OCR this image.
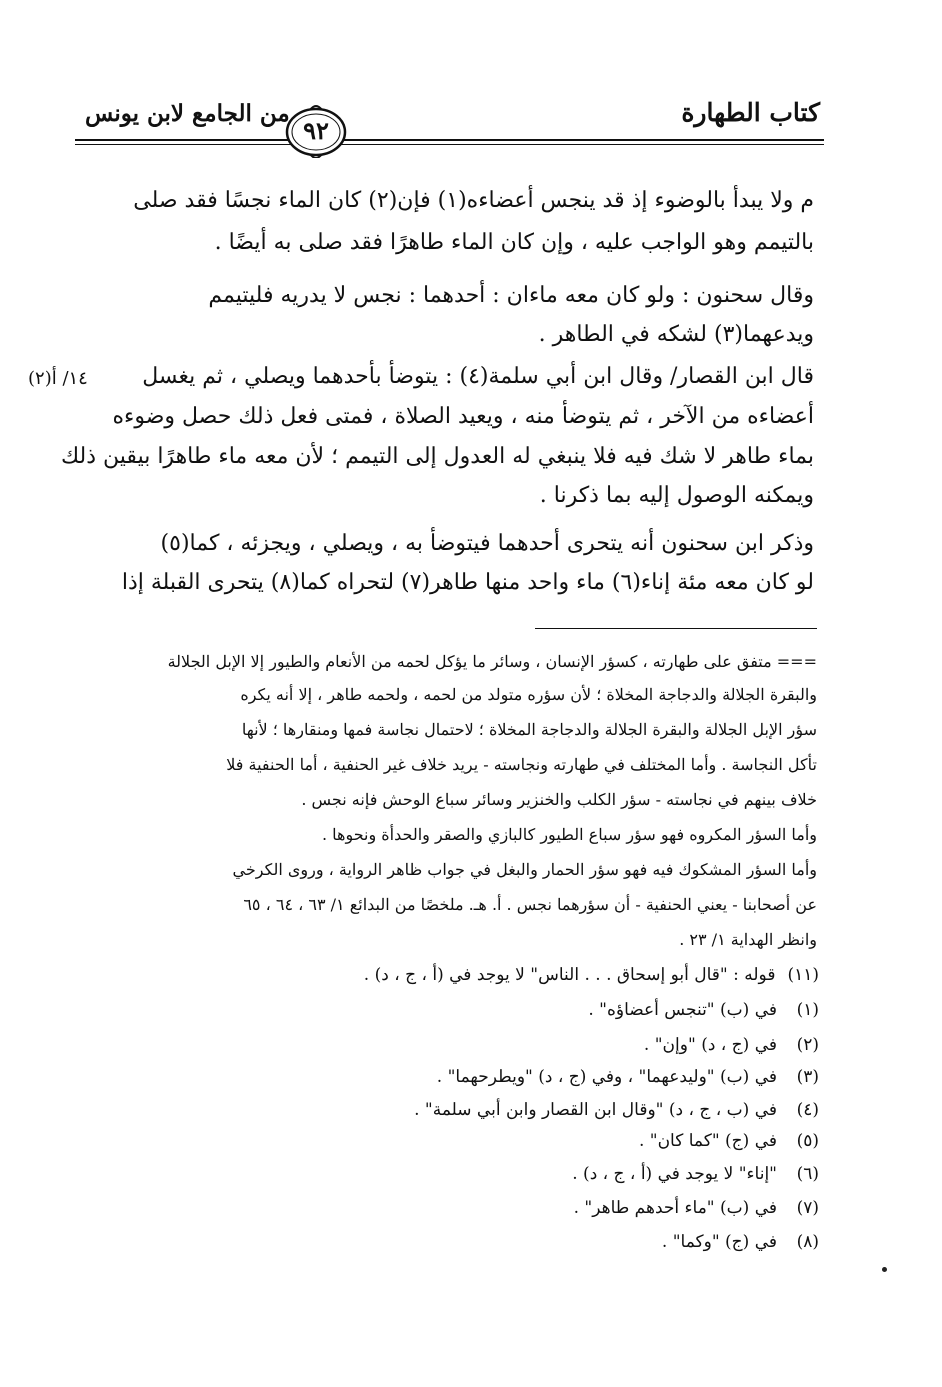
كتاب الطهارة
من الجامع لابن يونس
٩٢
١٤/ أ(٢)
م ولا يبدأ بالوضوء إذ قد ينجس أعضاءه(١) فإن(٢) كان الماء نجسًا فقد صلى
بالتيمم وهو الواجب عليه ، وإن كان الماء طاهرًا فقد صلى به أيضًا .
وقال سحنون : ولو كان معه ماءان : أحدهما : نجس لا يدريه فليتيمم
ويدعهما(٣) لشكه في الطاهر .
قال ابن القصار/ وقال ابن أبي سلمة(٤) : يتوضأ بأحدهما ويصلي ، ثم يغسل
أعضاءه من الآخر ، ثم يتوضأ منه ، ويعيد الصلاة ، فمتى فعل ذلك حصل وضوءه
بماء طاهر لا شك فيه فلا ينبغي له العدول إلى التيمم ؛ لأن معه ماء طاهرًا بيقين ذلك
ويمكنه الوصول إليه بما ذكرنا .
وذكر ابن سحنون أنه يتحرى أحدهما فيتوضأ به ، ويصلي ، ويجزئه ، كما(٥)
لو كان معه مئة إناء(٦) ماء واحد منها طاهر(٧) لتحراه كما(٨) يتحرى القبلة إذا
=== متفق على طهارته ، كسؤر الإنسان ، وسائر ما يؤكل لحمه من الأنعام والطيور إلا الإبل الجلالة
والبقرة الجلالة والدجاجة المخلاة ؛ لأن سؤره متولد من لحمه ، ولحمه طاهر ، إلا أنه يكره
سؤر الإبل الجلالة والبقرة الجلالة والدجاجة المخلاة ؛ لاحتمال نجاسة فمها ومنقارها ؛ لأنها
تأكل النجاسة . وأما المختلف في طهارته ونجاسته - يريد خلاف غير الحنفية ، أما الحنفية فلا
خلاف بينهم في نجاسته - سؤر الكلب والخنزير وسائر سباع الوحش فإنه نجس .
وأما السؤر المكروه فهو سؤر سباع الطيور كالبازي والصقر والحدأة ونحوها .
وأما السؤر المشكوك فيه فهو سؤر الحمار والبغل في جواب ظاهر الرواية ، وروى الكرخي
عن أصحابنا - يعني الحنفية - أن سؤرهما نجس . أ. هـ. ملخصًا من البدائع ١/ ٦٣ ، ٦٤ ، ٦٥
وانظر الهداية ١/ ٢٣ .
(١١)قوله : "قال أبو إسحاق . . . الناس" لا يوجد في (أ ، ج ، د) .
(١)في (ب) "تنجس أعضاؤه" .
(٢)في (ج ، د) "وإن" .
(٣)في (ب) "وليدعهما" ، وفي (ج ، د) "ويطرحهما" .
(٤)في (ب ، ج ، د) "وقال ابن القصار وابن أبي سلمة" .
(٥)في (ج) "كما كان" .
(٦)"إناء" لا يوجد في (أ ، ج ، د) .
(٧)في (ب) "ماء أحدهم طاهر" .
(٨)في (ج) "وكما" .
